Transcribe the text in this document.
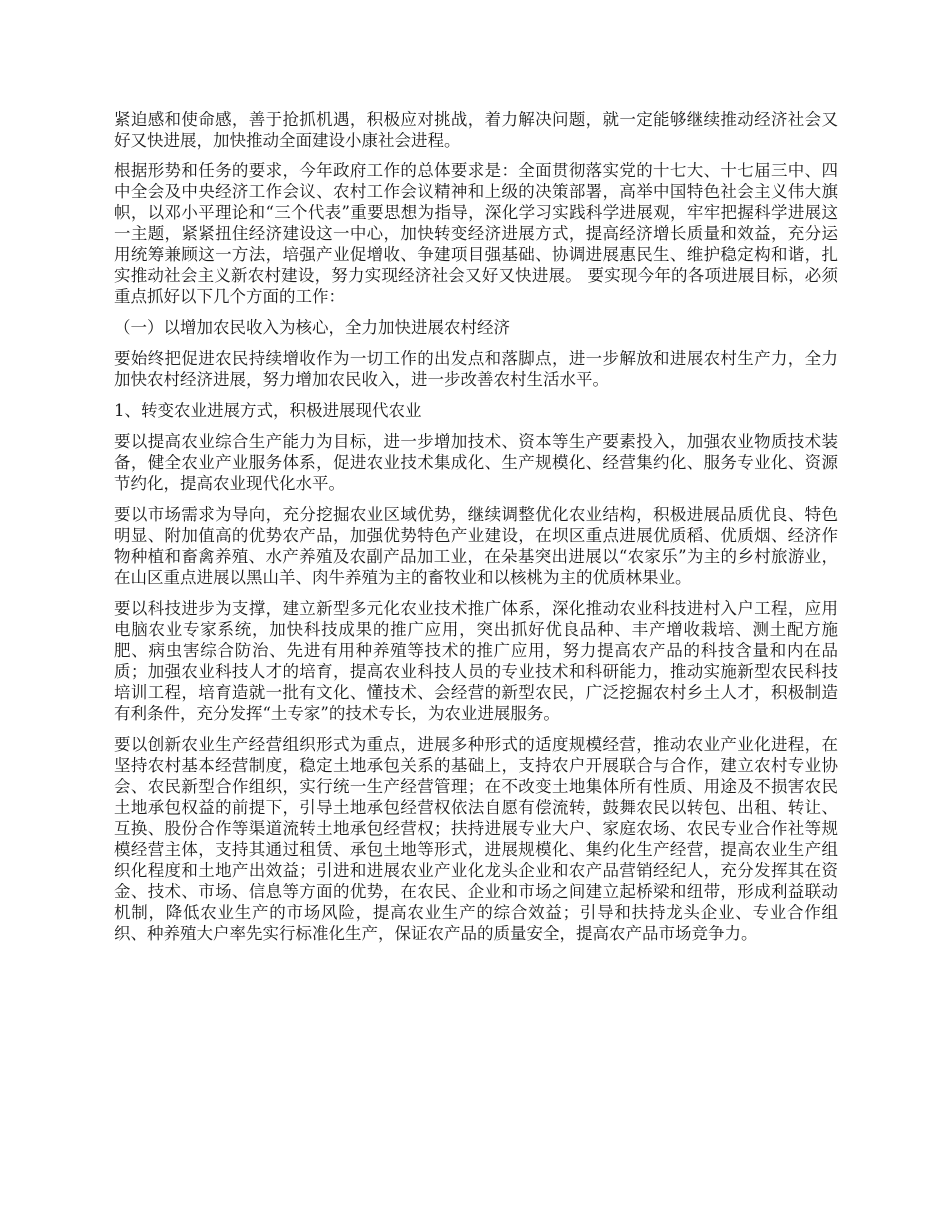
紧迫感和使命感，善于抢抓机遇，积极应对挑战，着力解决问题，就一定能够继续推动经济社会又好又快进展，加快推动全面建设小康社会进程。

根据形势和任务的要求，今年政府工作的总体要求是：全面贯彻落实党的十七大、十七届三中、四中全会及中央经济工作会议、农村工作会议精神和上级的决策部署，高举中国特色社会主义伟大旗帜，以邓小平理论和“三个代表”重要思想为指导，深化学习实践科学进展观，牢牢把握科学进展这一主题，紧紧扭住经济建设这一中心，加快转变经济进展方式，提高经济增长质量和效益，充分运用统筹兼顾这一方法，培强产业促增收、争建项目强基础、协调进展惠民生、维护稳定构和谐，扎实推动社会主义新农村建设，努力实现经济社会又好又快进展。 要实现今年的各项进展目标，必须重点抓好以下几个方面的工作：

（一）以增加农民收入为核心，全力加快进展农村经济

要始终把促进农民持续增收作为一切工作的出发点和落脚点，进一步解放和进展农村生产力，全力加快农村经济进展，努力增加农民收入，进一步改善农村生活水平。

1、转变农业进展方式，积极进展现代农业

要以提高农业综合生产能力为目标，进一步增加技术、资本等生产要素投入，加强农业物质技术装备，健全农业产业服务体系，促进农业技术集成化、生产规模化、经营集约化、服务专业化、资源节约化，提高农业现代化水平。

要以市场需求为导向，充分挖掘农业区域优势，继续调整优化农业结构，积极进展品质优良、特色明显、附加值高的优势农产品，加强优势特色产业建设，在坝区重点进展优质稻、优质烟、经济作物种植和畜禽养殖、水产养殖及农副产品加工业，在朵基突出进展以“农家乐”为主的乡村旅游业，在山区重点进展以黑山羊、肉牛养殖为主的畜牧业和以核桃为主的优质林果业。

要以科技进步为支撑，建立新型多元化农业技术推广体系，深化推动农业科技进村入户工程，应用电脑农业专家系统，加快科技成果的推广应用，突出抓好优良品种、丰产增收栽培、测土配方施肥、病虫害综合防治、先进有用种养殖等技术的推广应用，努力提高农产品的科技含量和内在品质；加强农业科技人才的培育，提高农业科技人员的专业技术和科研能力，推动实施新型农民科技培训工程，培育造就一批有文化、懂技术、会经营的新型农民，广泛挖掘农村乡土人才，积极制造有利条件，充分发挥“土专家”的技术专长，为农业进展服务。

要以创新农业生产经营组织形式为重点，进展多种形式的适度规模经营，推动农业产业化进程，在坚持农村基本经营制度，稳定土地承包关系的基础上，支持农户开展联合与合作，建立农村专业协会、农民新型合作组织，实行统一生产经营管理；在不改变土地集体所有性质、用途及不损害农民土地承包权益的前提下，引导土地承包经营权依法自愿有偿流转，鼓舞农民以转包、出租、转让、互换、股份合作等渠道流转土地承包经营权；扶持进展专业大户、家庭农场、农民专业合作社等规模经营主体，支持其通过租赁、承包土地等形式，进展规模化、集约化生产经营，提高农业生产组织化程度和土地产出效益；引进和进展农业产业化龙头企业和农产品营销经纪人，充分发挥其在资金、技术、市场、信息等方面的优势，在农民、企业和市场之间建立起桥梁和纽带，形成利益联动机制，降低农业生产的市场风险，提高农业生产的综合效益；引导和扶持龙头企业、专业合作组织、种养殖大户率先实行标准化生产，保证农产品的质量安全，提高农产品市场竞争力。
